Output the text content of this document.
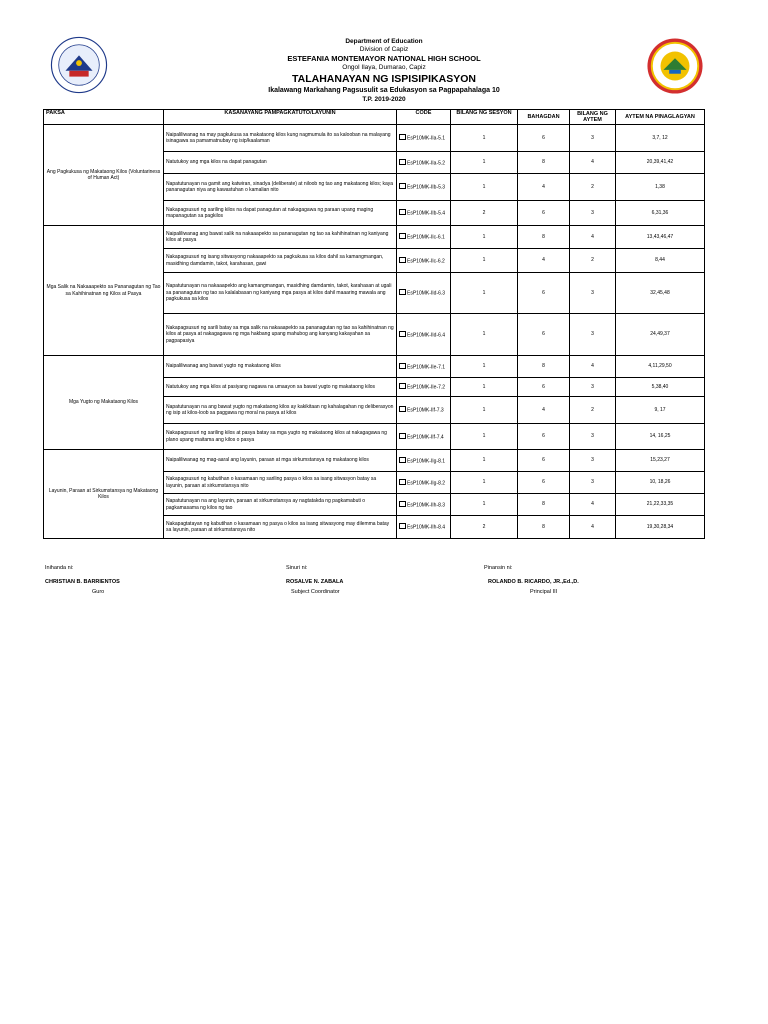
Department of Education
Division of Capiz
ESTEFANIA MONTEMAYOR NATIONAL HIGH SCHOOL
Ongol Ilaya, Dumarao, Capiz
TALAHANAYAN NG ISPISIPIKASYON
Ikalawang Markahang Pagsusulit sa Edukasyon sa Pagpapahalaga 10
T.P. 2019-2020
PAKSA	KASANAYANG PAMPAGKATUTO/LAYUNIN	CODE	BILANG NG SESYON	BAHAGDAN	BILANG NG AYTEM	AYTEM NA PINAGLAGYAN
Ang Pagkukusa ng Makataong Kilos (Voluntariness of Human Act)	Naipaliliwanag na may pagkukusa sa makataong kilos kung nagmumula ito sa kalooban na malayang isinagawa sa pamamatnubay ng isip/kaalaman	EsP10MK-IIa-5.1	1	6	3	3,7, 12
	Natutukoy ang mga kilos na dapat panagutan	EsP10MK-IIa-5.2	1	8	4	20,39,41,42
	Napatutunayan na gamit ang katwiran, sinadya (deliberate) at niloob ng tao ang makataong kilos; kaya pananagutan niya ang kawastuhan o kamalian nito	EsP10MK-IIb-5.3	1	4	2	1,38
	Nakapagsusuri ng sariling kilos na dapat panagutan at nakagagawa ng paraan upang maging mapanagutan sa pagkilos	EsP10MK-IIb-5.4	2	6	3	6,31,36
Mga Salik na Nakaaapekto sa Pananagutan ng Tao sa Kahihinatnan ng Kilos at Pasya	Naipaliliwanag ang bawat salik na nakaaapekto sa pananagutan ng tao sa kahihinatnan ng kaniyang kilos at pasya	EsP10MK-IIc-6.1	1	8	4	13,43,46,47
	Nakapagsusuri ng isang sitwasyong nakaaapekto sa pagkukusa sa kilos dahil sa kamangmangan, masidhing damdamin, takot, karahasan, gawi	EsP10MK-IIc-6.2	1	4	2	8,44
	Napatutunayan na nakaaapekto ang kamangmangan, masidhing damdamin, takot, karahasan at ugali sa pananagutan ng tao sa kalalabasan ng kaniyang mga pasya at kilos dahil maaaring mawala ang pagkukusa sa kilos	EsP10MK-IId-6.3	1	6	3	32,45,48
	Nakapagsusuri ng sarili batay sa mga salik na nakaaapekto sa pananagutan ng tao sa kahihinatnan ng kilos at pasya at nakagagawa ng mga hakbang upang mahubog ang kanyang kakayahan sa pagpapasiya	EsP10MK-IId-6.4	1	6	3	24,49,37
Mga Yugto ng Makataong Kilos	Naipaliliwanag ang bawat yugto ng makataong kilos	EsP10MK-IIe-7.1	1	8	4	4,11,29,50
	Natutukoy ang mga kilos at pasiyang nagawa na umaayon sa bawat yugto ng makataong kilos	EsP10MK-IIe-7.2	1	6	3	5,38,40
	Napatutunayan na ang bawat yugto ng makataong kilos ay kakikitaan ng kahalagahan ng deliberasyon ng isip at kilos-loob sa paggawa ng moral na pasya at kilos	EsP10MK-IIf-7.3	1	4	2	9, 17
	Nakapagsusuri ng sariling kilos at pasya batay sa mga yugto ng makataong kilos at nakagagawa ng plano upang maitama ang kilos o pasya	EsP10MK-IIf-7.4	1	6	3	14, 16,25
Layunin, Paraan at Sirkumstansya ng Makataong Kilos	Naipaliliwanag ng mag-aaral ang layunin, paraan at mga sirkumstansya ng makataong kilos	EsP10MK-IIg-8.1	1	6	3	15,23,27
	Nakapagsusuri ng kabutihan o kasamaan ng sariling pasya o kilos sa isang sitwasyon batay sa layunin, paraan at sirkumstansya nito	EsP10MK-IIg-8.2	1	6	3	10, 18,26
	Napatutunayan na ang layunin, paraan at sirkumstansya ay nagtatakda ng pagkamabuti o pagkamasama ng kilos ng tao	EsP10MK-IIh-8.3	1	8	4	21,22,33,35
	Nakapagtatayan ng kabutihan o kasamaan ng pasya o kilos sa isang sitwasyong may dilemma batay sa layunin, paraan at sirkumstansya nito	EsP10MK-IIh-8.4	2	8	4	19,30,28,34
Inihanda ni:	Sinuri ni:	Pinansin ni:
CHRISTIAN B. BARRIENTOS
Guro
ROSALVE N. ZABALA
Subject Coordinator
ROLANDO B. RICARDO, JR.,Ed.,D.
Principal III
